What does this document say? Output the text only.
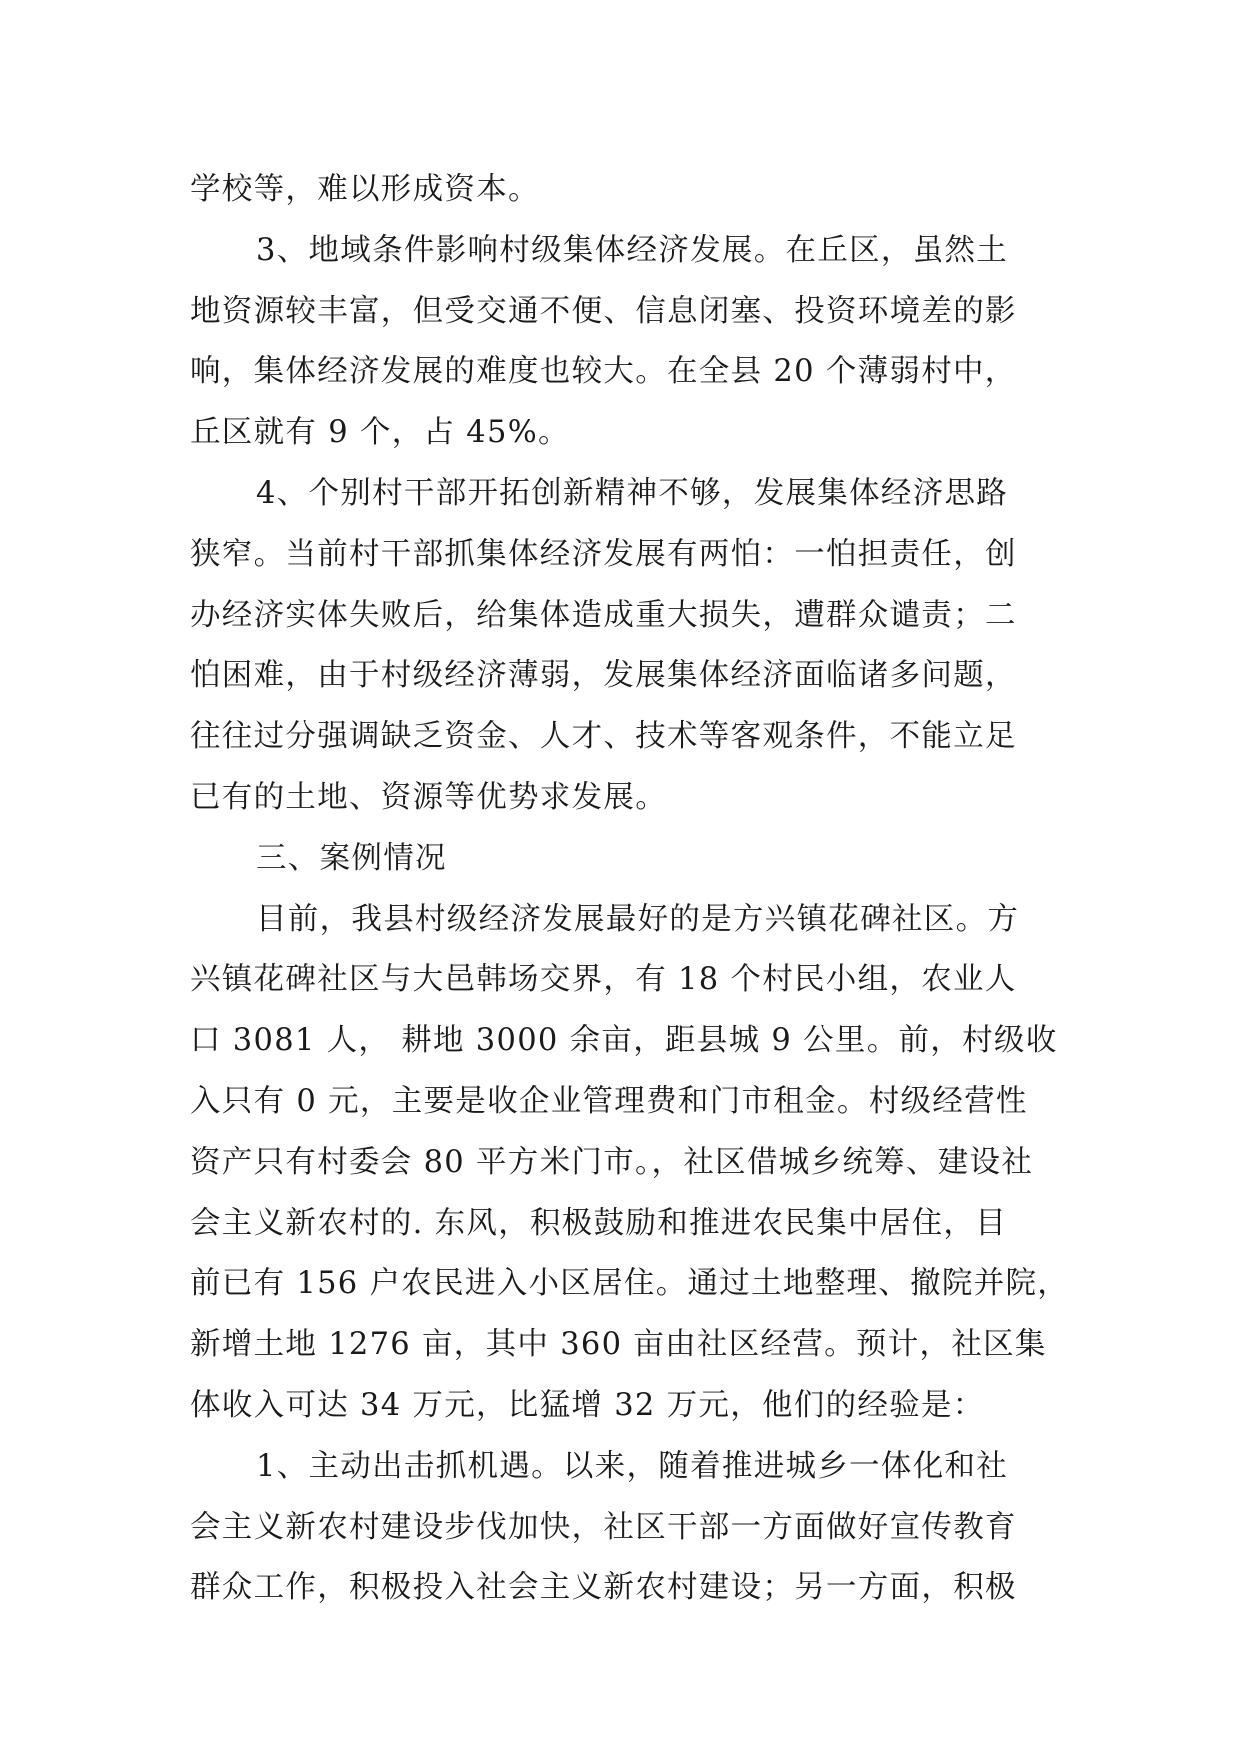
学校等，难以形成资本。
3、地域条件影响村级集体经济发展。在丘区，虽然土
地资源较丰富，但受交通不便、信息闭塞、投资环境差的影
响，集体经济发展的难度也较大。在全县 20 个薄弱村中，
丘区就有 9 个，占 45%。
4、个别村干部开拓创新精神不够，发展集体经济思路
狭窄。当前村干部抓集体经济发展有两怕：一怕担责任，创
办经济实体失败后，给集体造成重大损失，遭群众谴责；二
怕困难，由于村级经济薄弱，发展集体经济面临诸多问题，
往往过分强调缺乏资金、人才、技术等客观条件，不能立足
已有的土地、资源等优势求发展。
三、案例情况
目前，我县村级经济发展最好的是方兴镇花碑社区。方
兴镇花碑社区与大邑韩场交界，有 18 个村民小组，农业人
口 3081 人， 耕地 3000 余亩，距县城 9 公里。前，村级收
入只有 0 元，主要是收企业管理费和门市租金。村级经营性
资产只有村委会 80 平方米门市。，社区借城乡统筹、建设社
会主义新农村的. 东风，积极鼓励和推进农民集中居住，目
前已有 156 户农民进入小区居住。通过土地整理、撤院并院，
新增土地 1276 亩，其中 360 亩由社区经营。预计，社区集
体收入可达 34 万元，比猛增 32 万元，他们的经验是：
1、主动出击抓机遇。以来，随着推进城乡一体化和社
会主义新农村建设步伐加快，社区干部一方面做好宣传教育
群众工作，积极投入社会主义新农村建设；另一方面，积极
